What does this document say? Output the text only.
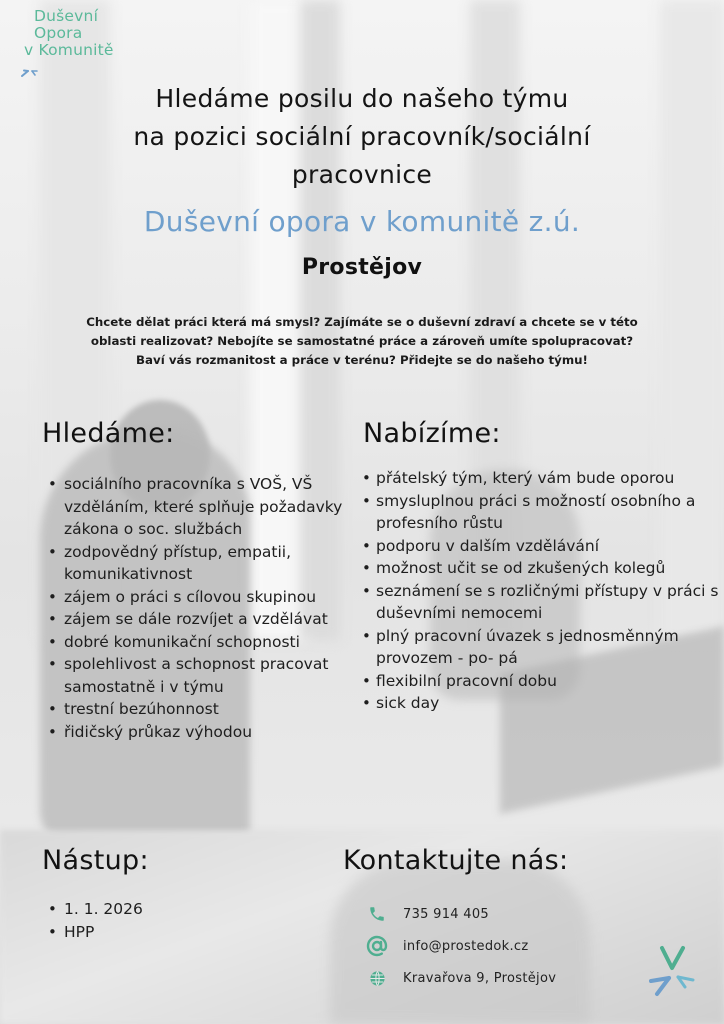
Duševní
Opora
v Komunitě
Hledáme posilu do našeho týmu
na pozici sociální pracovník/sociální
pracovnice
Duševní opora v komunitě z.ú.
Prostějov
Chcete dělat práci která má smysl? Zajímáte se o duševní zdraví a chcete se v této
oblasti realizovat? Nebojíte se samostatné práce a zároveň umíte spolupracovat?
Baví vás rozmanitost a práce v terénu? Přidejte se do našeho týmu!
Hledáme:
• sociálního pracovníka s VOŠ, VŠ vzděláním, které splňuje požadavky zákona o soc. službách
• zodpovědný přístup, empatii, komunikativnost
• zájem o práci s cílovou skupinou
• zájem se dále rozvíjet a vzdělávat
• dobré komunikační schopnosti
• spolehlivost a schopnost pracovat samostatně i v týmu
• trestní bezúhonnost
• řidičský průkaz výhodou
Nabízíme:
• přátelský tým, který vám bude oporou
• smysluplnou práci s možností osobního a profesního růstu
• podporu v dalším vzdělávání
• možnost učit se od zkušených kolegů
• seznámení se s rozličnými přístupy v práci s duševními nemocemi
• plný pracovní úvazek s jednosměnným provozem - po- pá
• flexibilní pracovní dobu
• sick day
Nástup:
• 1. 1. 2026
• HPP
Kontaktujte nás:
735 914 405
info@prostedok.cz
Kravařova 9, Prostějov
